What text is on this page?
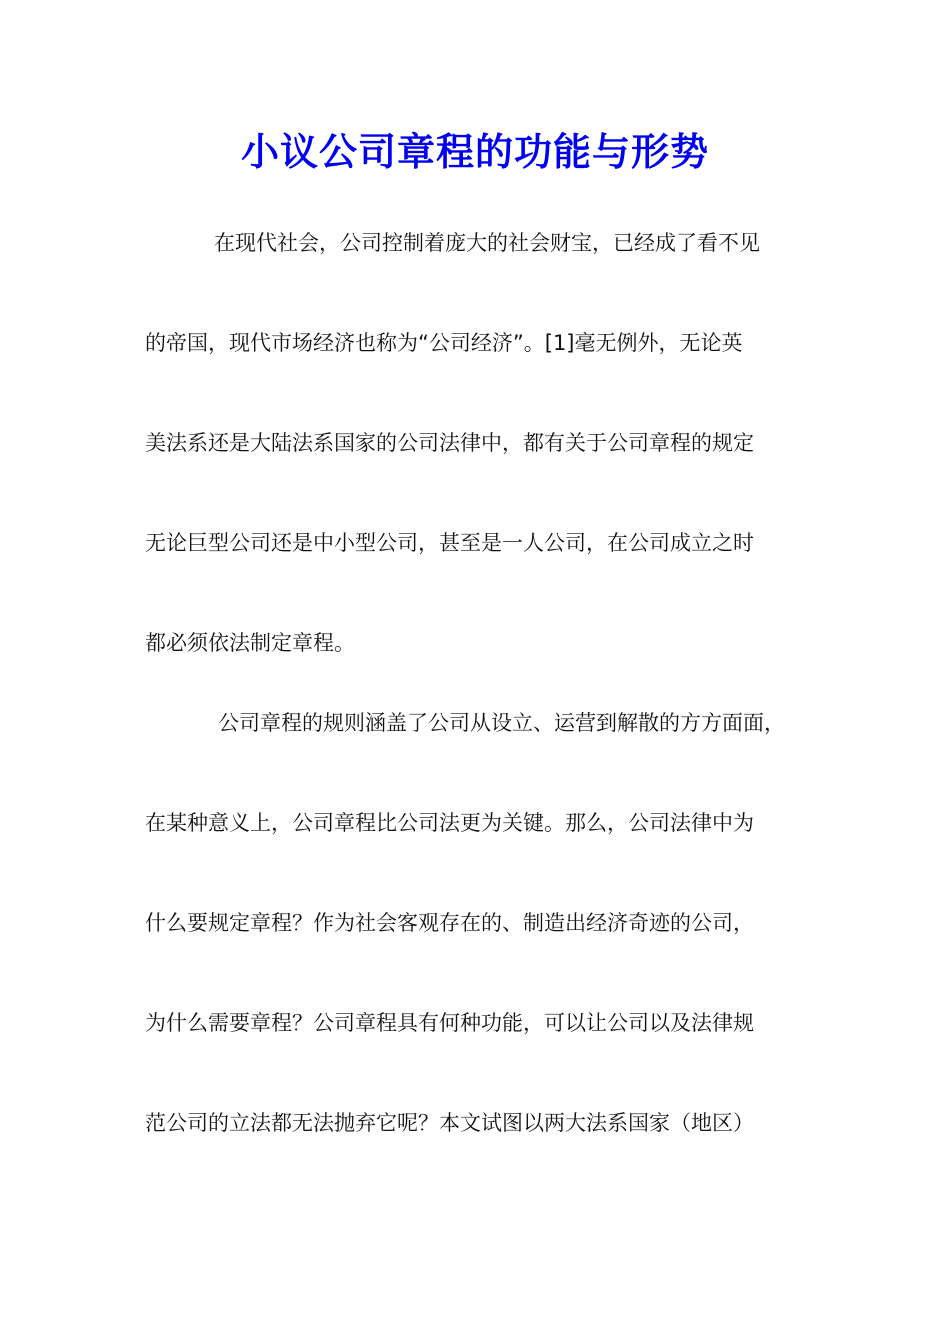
小议公司章程的功能与形势
在现代社会，公司控制着庞大的社会财宝，已经成了看不见
的帝国，现代市场经济也称为“公司经济”。[1]毫无例外，无论英
美法系还是大陆法系国家的公司法律中，都有关于公司章程的规定
无论巨型公司还是中小型公司，甚至是一人公司，在公司成立之时
都必须依法制定章程。
公司章程的规则涵盖了公司从设立、运营到解散的方方面面，
在某种意义上，公司章程比公司法更为关键。那么，公司法律中为
什么要规定章程？作为社会客观存在的、制造出经济奇迹的公司，
为什么需要章程？公司章程具有何种功能，可以让公司以及法律规
范公司的立法都无法抛弃它呢？本文试图以两大法系国家（地区）
